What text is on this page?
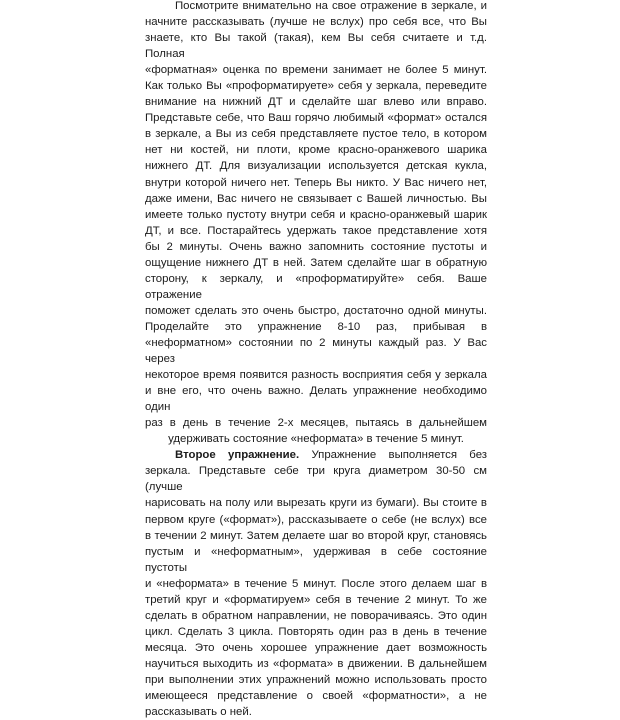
Посмотрите внимательно на свое отражение в зеркале, и
начните рассказывать (лучше не вслух) про себя все, что Вы
знаете, кто Вы такой (такая), кем Вы себя считаете и т.д. Полная
«форматная» оценка по времени занимает не более 5 минут.
Как только Вы «проформатируете» себя у зеркала, переведите
внимание на нижний ДТ и сделайте шаг влево или вправо.
Представьте себе, что Ваш горячо любимый «формат» остался
в зеркале, а Вы из себя представляете пустое тело, в котором
нет ни костей, ни плоти, кроме красно-оранжевого шарика
нижнего ДТ. Для визуализации используется детская кукла,
внутри которой ничего нет. Теперь Вы никто. У Вас ничего нет,
даже имени, Вас ничего не связывает с Вашей личностью. Вы
имеете только пустоту внутри себя и красно-оранжевый шарик
ДТ, и все. Постарайтесь удержать такое представление хотя
бы 2 минуты. Очень важно запомнить состояние пустоты и
ощущение нижнего ДТ в ней. Затем сделайте шаг в обратную
сторону, к зеркалу, и «проформатируйте» себя. Ваше отражение
поможет сделать это очень быстро, достаточно одной минуты.
Проделайте это упражнение 8-10 раз, прибывая в
«неформатном» состоянии по 2 минуты каждый раз. У Вас через
некоторое время появится разность восприятия себя у зеркала
и вне его, что очень важно. Делать упражнение необходимо один
раз в день в течение 2-х месяцев, пытаясь в дальнейшем
удерживать состояние «неформата» в течение 5 минут.
Второе упражнение. Упражнение выполняется без
зеркала. Представьте себе три круга диаметром 30-50 см (лучше
нарисовать на полу или вырезать круги из бумаги). Вы стоите в
первом круге («формат»), рассказываете о себе (не вслух) все
в течении 2 минут. Затем делаете шаг во второй круг, становясь
пустым и «неформатным», удерживая в себе состояние пустоты
и «неформата» в течение 5 минут. После этого делаем шаг в
третий круг и «форматируем» себя в течение 2 минут. То же
сделать в обратном направлении, не поворачиваясь. Это один
цикл. Сделать 3 цикла. Повторять один раз в день в течение
месяца. Это очень хорошее упражнение дает возможность
научиться выходить из «формата» в движении. В дальнейшем
при выполнении этих упражнений можно использовать просто
имеющееся представление о своей «форматности», а не
рассказывать о ней.
